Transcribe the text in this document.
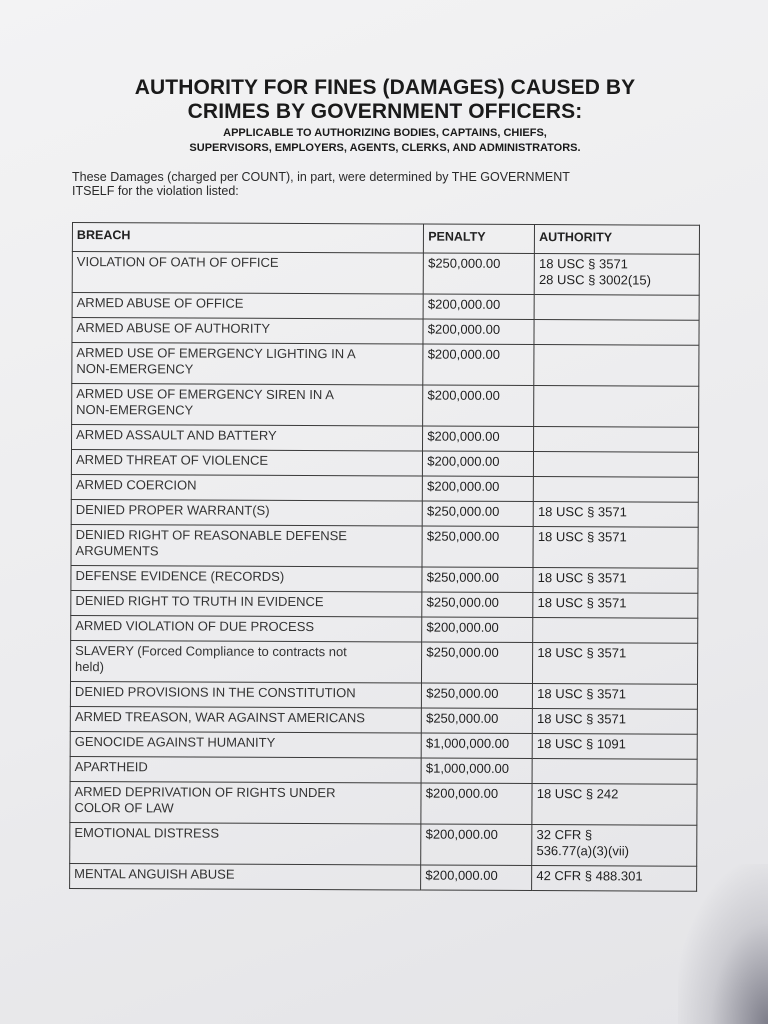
AUTHORITY FOR FINES (DAMAGES) CAUSED BY
CRIMES BY GOVERNMENT OFFICERS:
APPLICABLE TO AUTHORIZING BODIES, CAPTAINS, CHIEFS,
SUPERVISORS, EMPLOYERS, AGENTS, CLERKS, AND ADMINISTRATORS.
These Damages (charged per COUNT), in part, were determined by THE GOVERNMENT
ITSELF for the violation listed:
BREACH	PENALTY	AUTHORITY
VIOLATION OF OATH OF OFFICE	$250,000.00	18 USC § 3571
28 USC § 3002(15)

ARMED ABUSE OF OFFICE	$200,000.00	
ARMED ABUSE OF AUTHORITY	$200,000.00	

ARMED USE OF EMERGENCY LIGHTING IN A
NON-EMERGENCY	$200,000.00	

ARMED USE OF EMERGENCY SIREN IN A
NON-EMERGENCY	$200,000.00	
ARMED ASSAULT AND BATTERY	$200,000.00	
ARMED THREAT OF VIOLENCE	$200,000.00	
ARMED COERCION	$200,000.00	
DENIED PROPER WARRANT(S)	$250,000.00	18 USC § 3571

DENIED RIGHT OF REASONABLE DEFENSE
ARGUMENTS	$250,000.00	18 USC § 3571
DEFENSE EVIDENCE (RECORDS)	$250,000.00	18 USC § 3571
DENIED RIGHT TO TRUTH IN EVIDENCE	$250,000.00	18 USC § 3571
ARMED VIOLATION OF DUE PROCESS	$200,000.00	

SLAVERY (Forced Compliance to contracts not
held)	$250,000.00	18 USC § 3571
DENIED PROVISIONS IN THE CONSTITUTION	$250,000.00	18 USC § 3571
ARMED TREASON, WAR AGAINST AMERICANS	$250,000.00	18 USC § 3571
GENOCIDE AGAINST HUMANITY	$1,000,000.00	18 USC § 1091
APARTHEID	$1,000,000.00	

ARMED DEPRIVATION OF RIGHTS UNDER
COLOR OF LAW	$200,000.00	18 USC § 242
EMOTIONAL DISTRESS	$200,000.00	32 CFR §
536.77(a)(3)(vii)

MENTAL ANGUISH ABUSE	$200,000.00	42 CFR § 488.301
